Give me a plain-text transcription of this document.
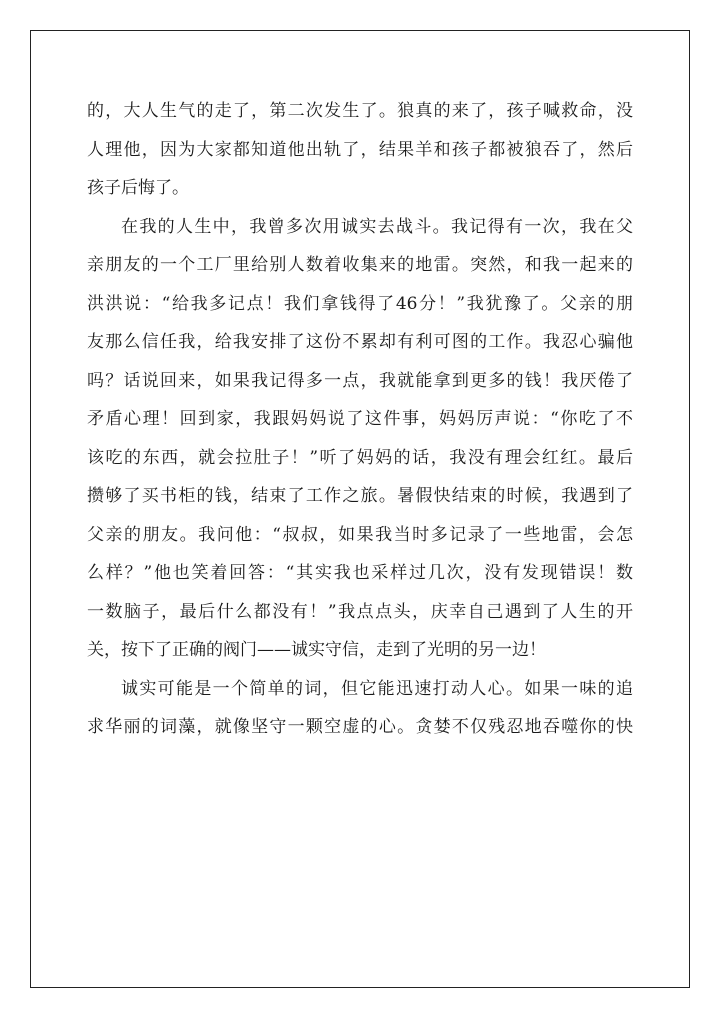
的，大人生气的走了，第二次发生了。狼真的来了，孩子喊救命，没
人理他，因为大家都知道他出轨了，结果羊和孩子都被狼吞了，然后
孩子后悔了。
在我的人生中，我曾多次用诚实去战斗。我记得有一次，我在父
亲朋友的一个工厂里给别人数着收集来的地雷。突然，和我一起来的
洪洪说：“给我多记点！我们拿钱得了46分！”我犹豫了。父亲的朋
友那么信任我，给我安排了这份不累却有利可图的工作。我忍心骗他
吗？话说回来，如果我记得多一点，我就能拿到更多的钱！我厌倦了
矛盾心理！回到家，我跟妈妈说了这件事，妈妈厉声说：“你吃了不
该吃的东西，就会拉肚子！”听了妈妈的话，我没有理会红红。最后
攒够了买书柜的钱，结束了工作之旅。暑假快结束的时候，我遇到了
父亲的朋友。我问他：“叔叔，如果我当时多记录了一些地雷，会怎
么样？”他也笑着回答：“其实我也采样过几次，没有发现错误！数
一数脑子，最后什么都没有！”我点点头，庆幸自己遇到了人生的开
关，按下了正确的阀门——诚实守信，走到了光明的另一边！
诚实可能是一个简单的词，但它能迅速打动人心。如果一味的追
求华丽的词藻，就像坚守一颗空虚的心。贪婪不仅残忍地吞噬你的快
